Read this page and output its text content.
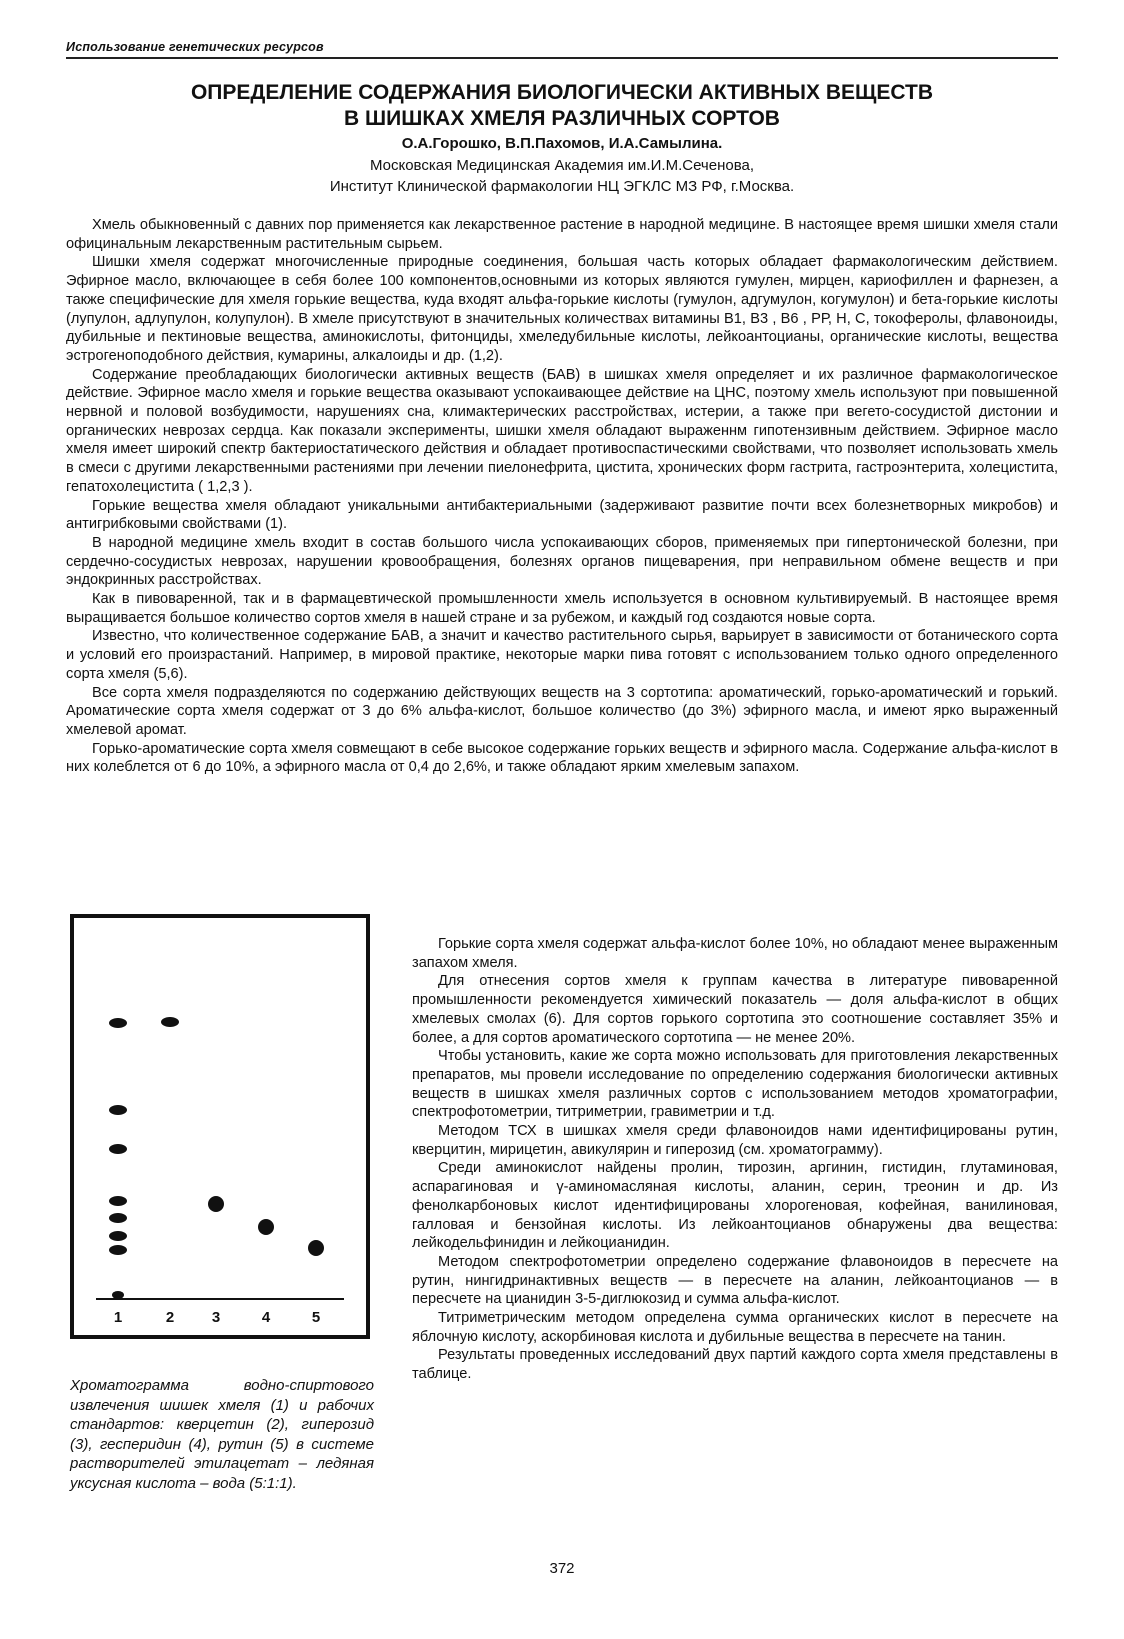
Использование генетических ресурсов
ОПРЕДЕЛЕНИЕ СОДЕРЖАНИЯ БИОЛОГИЧЕСКИ АКТИВНЫХ ВЕЩЕСТВ
В ШИШКАХ ХМЕЛЯ РАЗЛИЧНЫХ СОРТОВ
О.А.Горошко, В.П.Пахомов, И.А.Самылина.
Московская Медицинская Академия им.И.М.Сеченова,
Институт Клинической фармакологии НЦ ЭГКЛС МЗ РФ, г.Москва.

Хмель обыкновенный с давних пор применяется как лекарственное растение в народной медицине. В настоящее время шишки хмеля стали официнальным лекарственным растительным сырьем.

Шишки хмеля содержат многочисленные природные соединения, большая часть которых обладает фармакологическим действием. Эфирное масло, включающее в себя более 100 компонентов,основными из которых являются гумулен, мирцен, кариофиллен и фарнезен, а также специфические для хмеля горькие вещества, куда входят альфа-горькие кислоты (гумулон, адгумулон, когумулон) и бета-горькие кислоты (лупулон, адлупулон, колупулон). В хмеле присутствуют в значительных количествах витамины В1, В3 , В6 , РР, Н, С, токоферолы, флавоноиды, дубильные и пектиновые вещества, аминокислоты, фитонциды, хмеледубильные кислоты, лейкоантоцианы, органические кислоты, вещества эстрогеноподобного действия, кумарины, алкалоиды и др. (1,2).

Содержание преобладающих биологически активных веществ (БАВ) в шишках хмеля определяет и их различное фармакологическое действие. Эфирное масло хмеля и горькие вещества оказывают успокаивающее действие на ЦНС, поэтому хмель используют при повышенной нервной и половой возбудимости, нарушениях сна, климактерических расстройствах, истерии, а также при вегето-сосудистой дистонии и органических неврозах сердца. Как показали эксперименты, шишки хмеля обладают выраженнм гипотензивным действием. Эфирное масло хмеля имеет широкий спектр бактериостатического действия и обладает противоспастическими свойствами, что позволяет использовать хмель в смеси с другими лекарственными растениями при лечении пиелонефрита, цистита, хронических форм гастрита, гастроэнтерита, холецистита, гепатохолецистита ( 1,2,3 ).

Горькие вещества хмеля обладают уникальными антибактериальными (задерживают развитие почти всех болезнетворных микробов) и антигрибковыми свойствами (1).

В народной медицине хмель входит в состав большого числа успокаивающих сборов, применяемых при гипертонической болезни, при сердечно-сосудистых неврозах, нарушении кровообращения, болезнях органов пищеварения, при неправильном обмене веществ и при эндокринных расстройствах.

Как в пивоваренной, так и в фармацевтической промышленности хмель используется в основном культивируемый. В настоящее время выращивается большое количество сортов хмеля в нашей стране и за рубежом, и каждый год создаются новые сорта.

Известно, что количественное содержание БАВ, а значит и качество растительного сырья, варьирует в зависимости от ботанического сорта и условий его произрастаний. Например, в мировой практике, некоторые марки пива готовят с использованием только одного определенного сорта хмеля (5,6).

Все сорта хмеля подразделяются по содержанию действующих веществ на 3 сортотипа: ароматический, горько-ароматический и горький. Ароматические сорта хмеля содержат от 3 до 6% альфа-кислот, большое количество (до 3%) эфирного масла, и имеют ярко выраженный хмелевой аромат.

Горько-ароматические сорта хмеля совмещают в себе высокое содержание горьких веществ и эфирного масла. Содержание альфа-кислот в них колеблется от 6 до 10%, а эфирного масла от 0,4 до 2,6%, и также обладают ярким хмелевым запахом.

1	2	3	4	5
Хроматограмма водно-спиртового извлечения шишек хмеля (1) и рабочих стандартов: кверцетин (2), гиперозид (3), гесперидин (4), рутин (5) в системе растворителей этилацетат – ледяная уксусная кислота – вода (5:1:1).

Горькие сорта хмеля содержат альфа-кислот более 10%, но обладают менее выраженным запахом хмеля.

Для отнесения сортов хмеля к группам качества в литературе пивоваренной промышленности рекомендуется химический показатель — доля альфа-кислот в общих хмелевых смолах (6). Для сортов горького сортотипа это соотношение составляет 35% и более, а для сортов ароматического сортотипа — не менее 20%.

Чтобы установить, какие же сорта можно использовать для приготовления лекарственных препаратов, мы провели исследование по определению содержания биологически активных веществ в шишках хмеля различных сортов с использованием методов хроматографии, спектрофотометрии, титриметрии, гравиметрии и т.д.

Методом ТСХ в шишках хмеля среди флавоноидов нами идентифицированы рутин, кверцитин, мирицетин, авикулярин и гиперозид (см. хроматограмму).

Среди аминокислот найдены пролин, тирозин, аргинин, гистидин, глутаминовая, аспарагиновая и γ-аминомасляная кислоты, аланин, серин, треонин и др. Из фенолкарбоновых кислот идентифицированы хлорогеновая, кофейная, ванилиновая, галловая и бензойная кислоты. Из лейкоантоцианов обнаружены два вещества: лейкодельфинидин и лейкоцианидин.

Методом спектрофотометрии определено содержание флавоноидов в пересчете на рутин, нингидринактивных веществ — в пересчете на аланин, лейкоантоцианов — в пересчете на цианидин 3-5-диглюкозид и сумма альфа-кислот.

Титриметрическим методом определена сумма органических кислот в пересчете на яблочную кислоту, аскорбиновая кислота и дубильные вещества в пересчете на танин.

Результаты проведенных исследований двух партий каждого сорта хмеля представлены в таблице.

372
